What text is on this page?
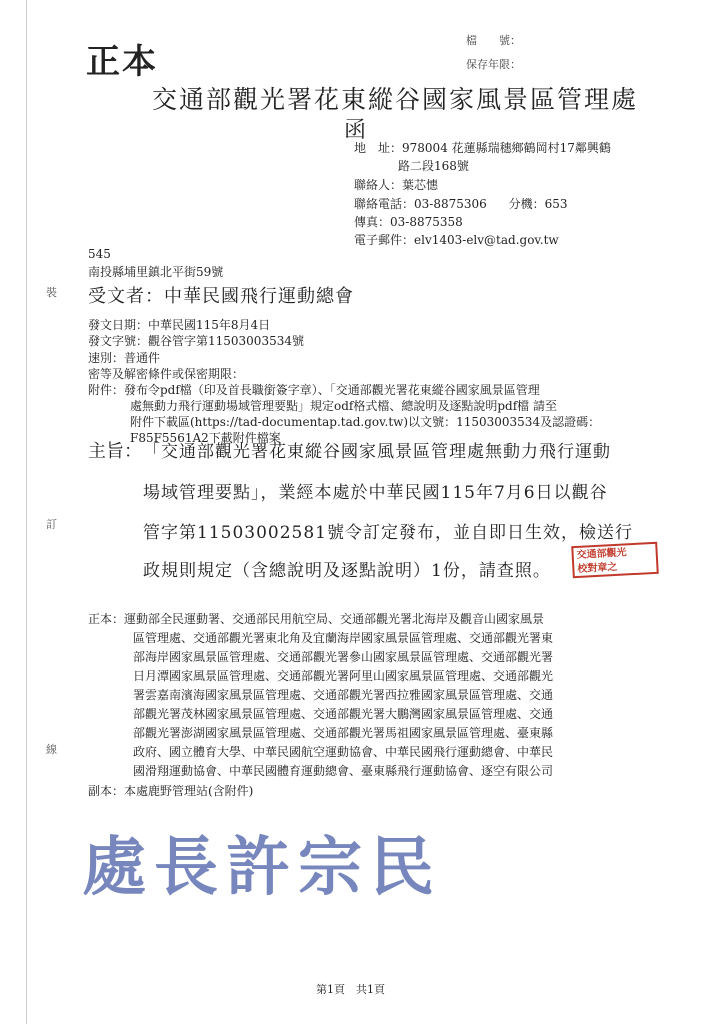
正本
檔　　號：
保存年限：
交通部觀光署花東縱谷國家風景區管理處
函
地　址：978004 花蓮縣瑞穗鄉鶴岡村17鄰興鶴
路二段168號
聯絡人：葉芯憓
聯絡電話：03-8875306 分機：653
傳真：03-8875358
電子郵件：elv1403-elv@tad.gov.tw
545
南投縣埔里鎮北平街59號
受文者：中華民國飛行運動總會
發文日期：中華民國115年8月4日
發文字號：觀谷管字第11503003534號
速別：普通件
密等及解密條件或保密期限：
附件：發布令pdf檔（印及首長職銜簽字章）、「交通部觀光署花東縱谷國家風景區管理
處無動力飛行運動場域管理要點」規定odf格式檔、總說明及逐點說明pdf檔 請至
附件下載區(https://tad-documentap.tad.gov.tw)以文號：11503003534及認證碼：
F85F5561A2下載附件檔案
主旨： 「交通部觀光署花東縱谷國家風景區管理處無動力飛行運動
場域管理要點」，業經本處於中華民國115年7月6日以觀谷
管字第11503002581號令訂定發布，並自即日生效，檢送行
政規則規定（含總說明及逐點說明）1份，請查照。
交通部觀光
校對章之
正本：運動部全民運動署、交通部民用航空局、交通部觀光署北海岸及觀音山國家風景
區管理處、交通部觀光署東北角及宜蘭海岸國家風景區管理處、交通部觀光署東
部海岸國家風景區管理處、交通部觀光署參山國家風景區管理處、交通部觀光署
日月潭國家風景區管理處、交通部觀光署阿里山國家風景區管理處、交通部觀光
署雲嘉南濱海國家風景區管理處、交通部觀光署西拉雅國家風景區管理處、交通
部觀光署茂林國家風景區管理處、交通部觀光署大鵬灣國家風景區管理處、交通
部觀光署澎湖國家風景區管理處、交通部觀光署馬祖國家風景區管理處、臺東縣
政府、國立體育大學、中華民國航空運動協會、中華民國飛行運動總會、中華民
國滑翔運動協會、中華民國體育運動總會、臺東縣飛行運動協會、逐空有限公司
副本：本處鹿野管理站(含附件)
處長許宗民
裝
訂
線
第1頁　共1頁
